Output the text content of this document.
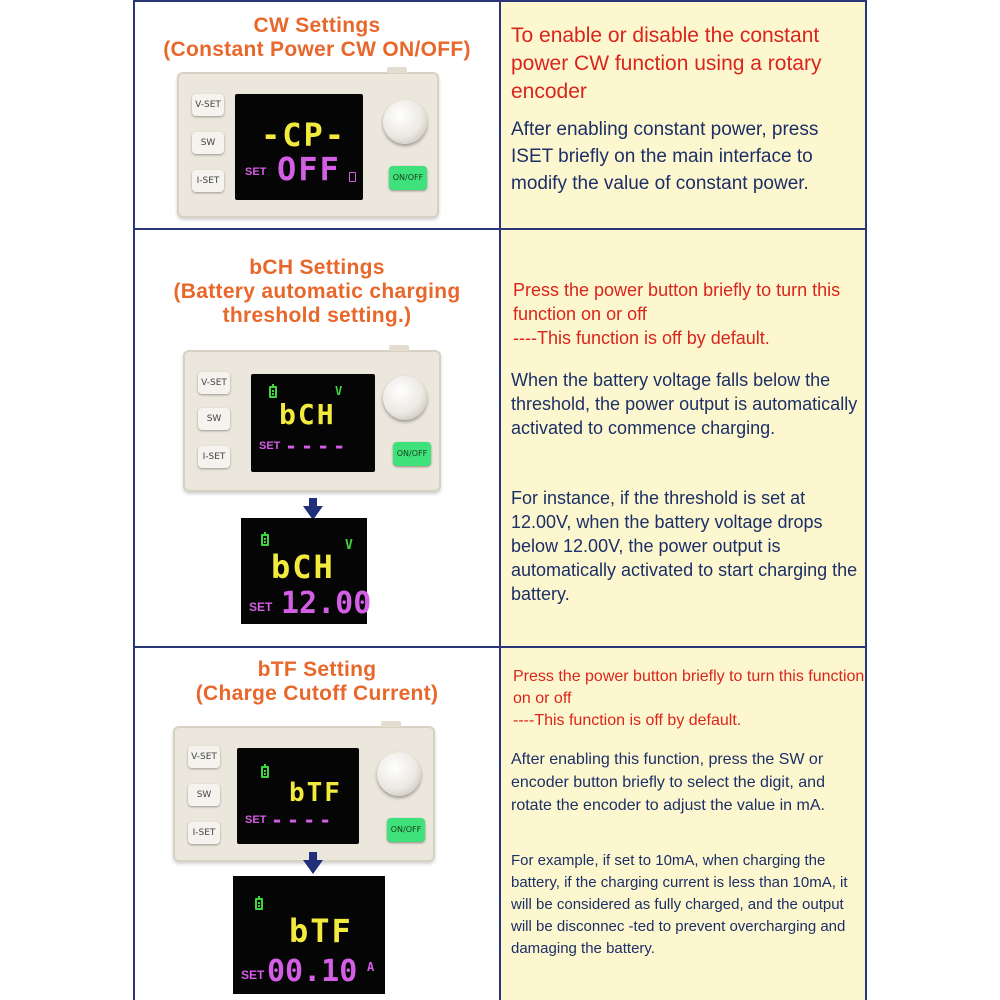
CW Settings
(Constant Power CW ON/OFF)
V-SET
SW
I-SET
-CP-
SET OFF	ON/OFF
To enable or disable the constant power CW function using a rotary encoder
After enabling constant power, press ISET briefly on the main interface to modify the value of constant power.
bCH Settings
(Battery automatic charging
threshold setting.)
V-SET
SW
I-SET
V
bCH
SET ----	ON/OFF
V
bCH
SET 12.00
Press the power button briefly to turn this function on or off
----This function is off by default.
When the battery voltage falls below the threshold, the power output is automatically activated to commence charging.
For instance, if the threshold is set at 12.00V, when the battery voltage drops below 12.00V, the power output is automatically activated to start charging the battery.
bTF Setting
(Charge Cutoff Current)
V-SET
SW
I-SET
bTF
SET ----	ON/OFF
bTF
SET 00.10 A
Press the power button briefly to turn this function on or off
----This function is off by default.
After enabling this function, press the SW or encoder button briefly to select the digit, and rotate the encoder to adjust the value in mA.
For example, if set to 10mA, when charging the battery, if the charging current is less than 10mA, it will be considered as fully charged, and the output will be disconnec -ted to prevent overcharging and damaging the battery.
